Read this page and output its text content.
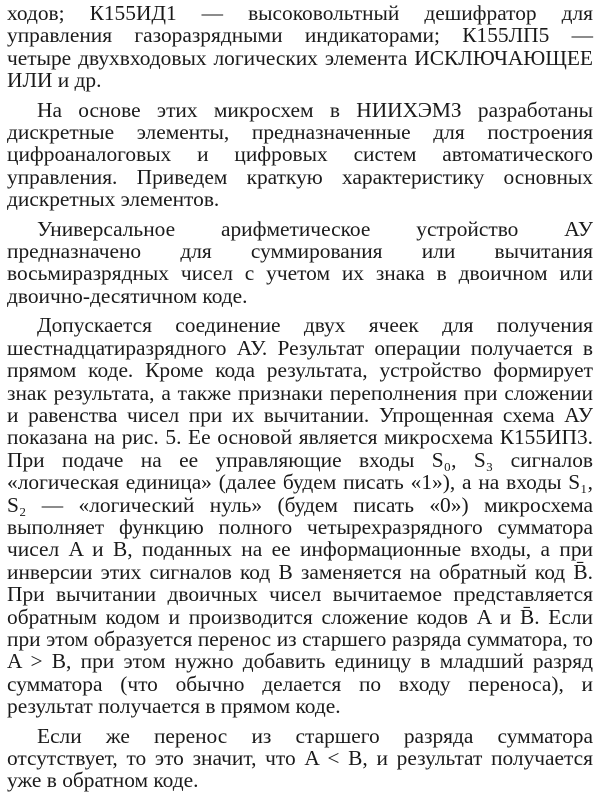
ходов; К155ИД1 — высоковольтный дешифратор для управления газоразрядными индикаторами; К155ЛП5 — четыре двухвходовых логических элемента ИСКЛЮЧАЮЩЕЕ ИЛИ и др.

На основе этих микросхем в НИИХЭМЗ разработаны дискретные элементы, предназначенные для построения цифроаналоговых и цифровых систем автоматического управления. Приведем краткую характеристику основных дискретных элементов.

Универсальное арифметическое устройство АУ предназначено для суммирования или вычитания восьмиразрядных чисел с учетом их знака в двоичном или двоично-десятичном коде.

Допускается соединение двух ячеек для получения шестнадцатиразрядного АУ. Результат операции получается в прямом коде. Кроме кода результата, устройство формирует знак результата, а также признаки переполнения при сложении и равенства чисел при их вычитании. Упрощенная схема АУ показана на рис. 5. Ее основой является микросхема К155ИП3. При подаче на ее управляющие входы S₀, S₃ сигналов «логическая единица» (далее будем писать «1»), а на входы S₁, S₂ — «логический нуль» (будем писать «0») микросхема выполняет функцию полного четырехразрядного сумматора чисел A и B, поданных на ее информационные входы, а при инверсии этих сигналов код B заменяется на обратный код B̄. При вычитании двоичных чисел вычитаемое представляется обратным кодом и производится сложение кодов A и B̄. Если при этом образуется перенос из старшего разряда сумматора, то A > B, при этом нужно добавить единицу в младший разряд сумматора (что обычно делается по входу переноса), и результат получается в прямом коде.

Если же перенос из старшего разряда сумматора отсутствует, то это значит, что A < B, и результат получается уже в обратном коде.
